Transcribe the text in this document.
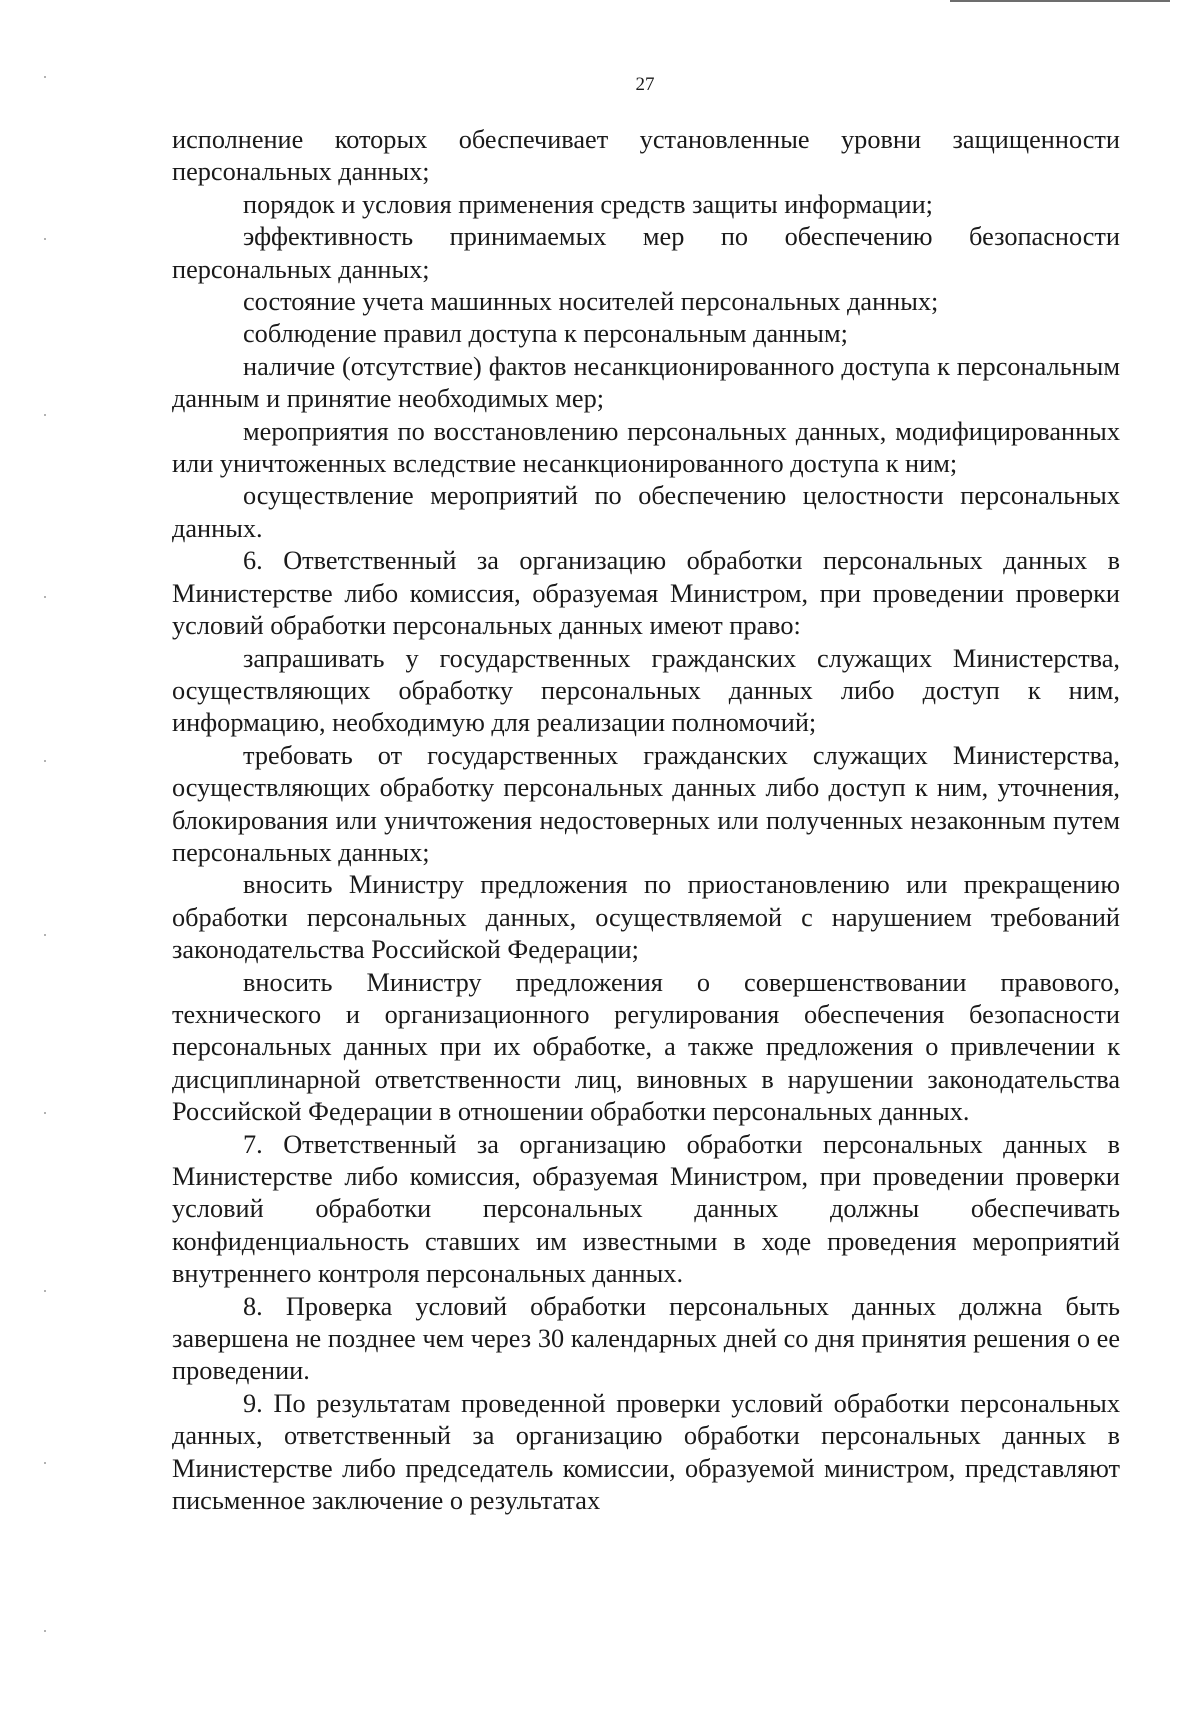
27

исполнение которых обеспечивает установленные уровни защищенности персональных данных;

порядок и условия применения средств защиты информации;

эффективность принимаемых мер по обеспечению безопасности персональных данных;

состояние учета машинных носителей персональных данных;

соблюдение правил доступа к персональным данным;

наличие (отсутствие) фактов несанкционированного доступа к персональным данным и принятие необходимых мер;

мероприятия по восстановлению персональных данных, модифицированных или уничтоженных вследствие несанкционированного доступа к ним;

осуществление мероприятий по обеспечению целостности персональных данных.

6. Ответственный за организацию обработки персональных данных в Министерстве либо комиссия, образуемая Министром, при проведении проверки условий обработки персональных данных имеют право:

запрашивать у государственных гражданских служащих Министерства, осуществляющих обработку персональных данных либо доступ к ним, информацию, необходимую для реализации полномочий;

требовать от государственных гражданских служащих Министерства, осуществляющих обработку персональных данных либо доступ к ним, уточнения, блокирования или уничтожения недостоверных или полученных незаконным путем персональных данных;

вносить Министру предложения по приостановлению или прекращению обработки персональных данных, осуществляемой с нарушением требований законодательства Российской Федерации;

вносить Министру предложения о совершенствовании правового, технического и организационного регулирования обеспечения безопасности персональных данных при их обработке, а также предложения о привлечении к дисциплинарной ответственности лиц, виновных в нарушении законодательства Российской Федерации в отношении обработки персональных данных.

7. Ответственный за организацию обработки персональных данных в Министерстве либо комиссия, образуемая Министром, при проведении проверки условий обработки персональных данных должны обеспечивать конфиденциальность ставших им известными в ходе проведения мероприятий внутреннего контроля персональных данных.

8. Проверка условий обработки персональных данных должна быть завершена не позднее чем через 30 календарных дней со дня принятия решения о ее проведении.

9. По результатам проведенной проверки условий обработки персональных данных, ответственный за организацию обработки персональных данных в Министерстве либо председатель комиссии, образуемой министром, представляют письменное заключение о результатах
